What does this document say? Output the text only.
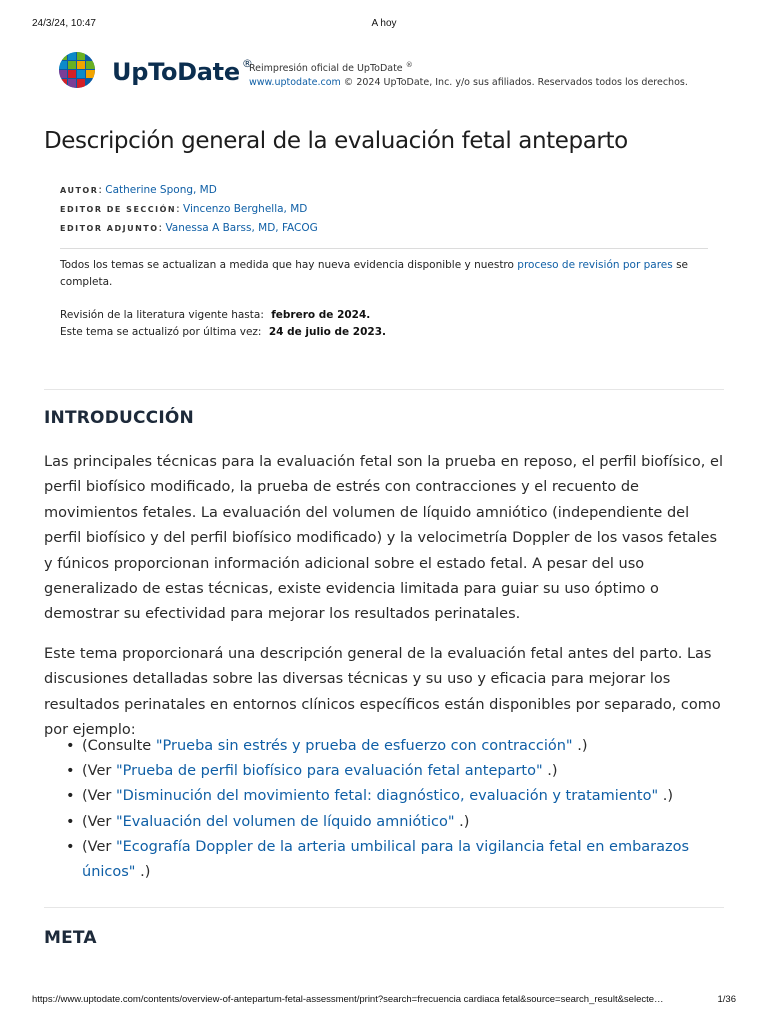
24/3/24, 10:47	A hoy
UpToDate ®
Reimpresión oficial de UpToDate ®
www.uptodate.com © 2024 UpToDate, Inc. y/o sus afiliados. Reservados todos los derechos.
Descripción general de la evaluación fetal anteparto
AUTOR: Catherine Spong, MD
EDITOR DE SECCIÓN: Vincenzo Berghella, MD
EDITOR ADJUNTO: Vanessa A Barss, MD, FACOG
Todos los temas se actualizan a medida que hay nueva evidencia disponible y nuestro proceso de revisión por pares se completa.
Revisión de la literatura vigente hasta: febrero de 2024.
Este tema se actualizó por última vez: 24 de julio de 2023.
INTRODUCCIÓN

Las principales técnicas para la evaluación fetal son la prueba en reposo, el perfil biofísico, el perfil biofísico modificado, la prueba de estrés con contracciones y el recuento de movimientos fetales. La evaluación del volumen de líquido amniótico (independiente del perfil biofísico y del perfil biofísico modificado) y la velocimetría Doppler de los vasos fetales y fúnicos proporcionan información adicional sobre el estado fetal. A pesar del uso generalizado de estas técnicas, existe evidencia limitada para guiar su uso óptimo o demostrar su efectividad para mejorar los resultados perinatales.

Este tema proporcionará una descripción general de la evaluación fetal antes del parto. Las discusiones detalladas sobre las diversas técnicas y su uso y eficacia para mejorar los resultados perinatales en entornos clínicos específicos están disponibles por separado, como por ejemplo:

• (Consulte "Prueba sin estrés y prueba de esfuerzo con contracción" .)
• (Ver "Prueba de perfil biofísico para evaluación fetal anteparto" .)
• (Ver "Disminución del movimiento fetal: diagnóstico, evaluación y tratamiento" .)
• (Ver "Evaluación del volumen de líquido amniótico" .)
• (Ver "Ecografía Doppler de la arteria umbilical para la vigilancia fetal en embarazos únicos" .)
META
https://www.uptodate.com/contents/overview-of-antepartum-fetal-assessment/print?search=frecuencia cardiaca fetal&source=search_result&selecte…	1/36
